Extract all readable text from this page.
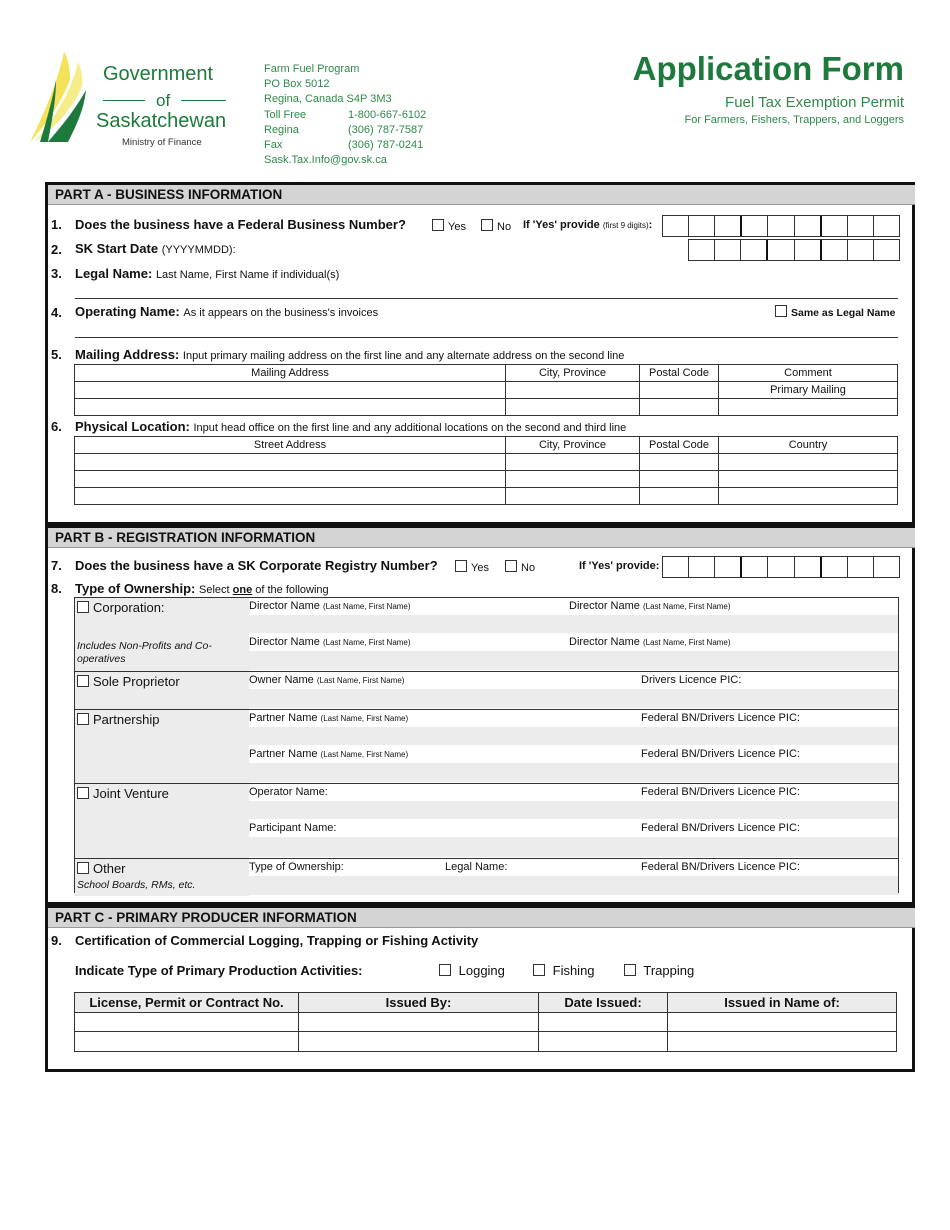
Government
of
Saskatchewan
Ministry of Finance
Farm Fuel Program
PO Box 5012
Regina, Canada S4P 3M3
Toll Free	1-800-667-6102
Regina	(306) 787-7587
Fax	(306) 787-0241
Sask.Tax.Info@gov.sk.ca
Application Form
Fuel Tax Exemption Permit
For Farmers, Fishers, Trappers, and Loggers
PART A - BUSINESS INFORMATION
1. Does the business have a Federal Business Number?	Yes	No If 'Yes' provide (first 9 digits):
2. SK Start Date (YYYYMMDD):
3. Legal Name: Last Name, First Name if individual(s)
4. Operating Name: As it appears on the business's invoices	Same as Legal Name
5. Mailing Address: Input primary mailing address on the first line and any alternate address on the second line
Mailing Address	City, Province	Postal Code	Comment
			Primary Mailing

6. Physical Location: Input head office on the first line and any additional locations on the second and third line
Street Address	City, Province	Postal Code	Country

PART B - REGISTRATION INFORMATION
7. Does the business have a SK Corporate Registry Number?	Yes	No	If 'Yes' provide:
8. Type of Ownership: Select one of the following
Corporation:
Includes Non-Profits and Co-operatives
Director Name (Last Name, First Name)	Director Name (Last Name, First Name)
Director Name (Last Name, First Name)	Director Name (Last Name, First Name)
Sole Proprietor	Owner Name (Last Name, First Name)	Drivers Licence PIC:
Partnership	Partner Name (Last Name, First Name)	Federal BN/Drivers Licence PIC:
Partner Name (Last Name, First Name)	Federal BN/Drivers Licence PIC:
Joint Venture	Operator Name:	Federal BN/Drivers Licence PIC:
Participant Name:	Federal BN/Drivers Licence PIC:
Other
School Boards, RMs, etc.
Type of Ownership:	Legal Name:	Federal BN/Drivers Licence PIC:
PART C - PRIMARY PRODUCER INFORMATION
9. Certification of Commercial Logging, Trapping or Fishing Activity
Indicate Type of Primary Production Activities:	Logging	Fishing	Trapping
License, Permit or Contract No.	Issued By:	Date Issued:	Issued in Name of:
